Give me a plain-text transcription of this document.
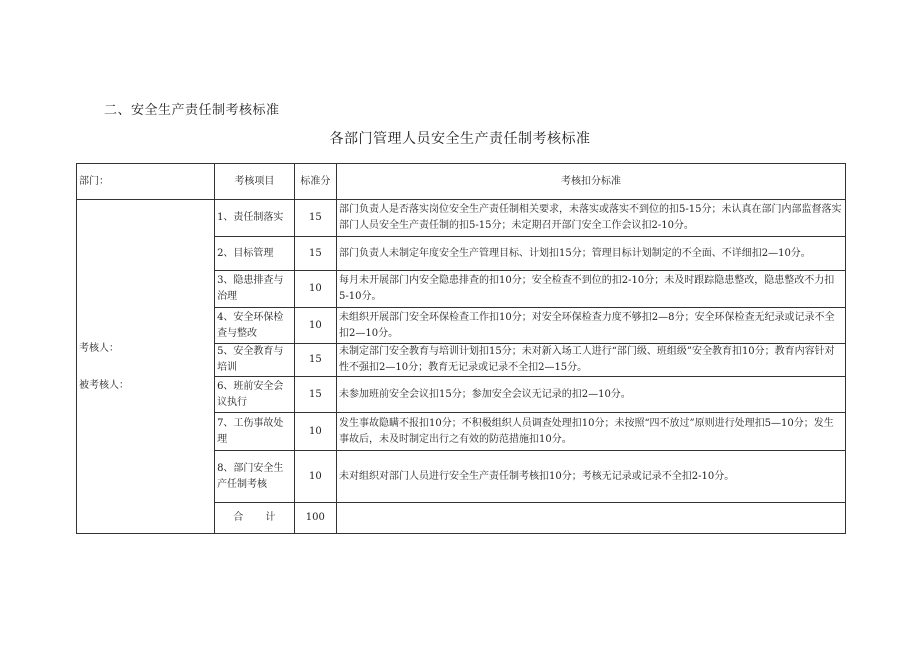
二、安全生产责任制考核标准
各部门管理人员安全生产责任制考核标准
部门：	考核项目	标准分	考核扣分标准

考核人：
被考核人：	1、责任制落实	15	部门负责人是否落实岗位安全生产责任制相关要求，未落实或落实不到位的扣5-15分；未认真在部门内部监督落实部门人员安全生产责任制的扣5-15分；未定期召开部门安全工作会议扣2-10分。
	2、目标管理	15	部门负责人未制定年度安全生产管理目标、计划扣15分；管理目标计划制定的不全面、不详细扣2—10分。
	3、隐患排查与治理	10	每月未开展部门内安全隐患排查的扣10分；安全检查不到位的扣2-10分；未及时跟踪隐患整改，隐患整改不力扣5-10分。
	4、安全环保检查与整改	10	未组织开展部门安全环保检查工作扣10分；对安全环保检查力度不够扣2—8分；安全环保检查无纪录或记录不全扣2—10分。
	5、安全教育与培训	15	未制定部门安全教育与培训计划扣15分；未对新入场工人进行“部门级、班组级”安全教育扣10分；教育内容针对性不强扣2—10分；教育无记录或记录不全扣2—15分。
	6、班前安全会议执行	15	未参加班前安全会议扣15分；参加安全会议无记录的扣2—10分。
	7、工伤事故处理	10	发生事故隐瞒不报扣10分；不积极组织人员调查处理扣10分；未按照“四不放过”原则进行处理扣5—10分；发生事故后，未及时制定出行之有效的防范措施扣10分。
	8、部门安全生产任制考核	10	未对组织对部门人员进行安全生产责任制考核扣10分；考核无记录或记录不全扣2-10分。
	合 计	100	
